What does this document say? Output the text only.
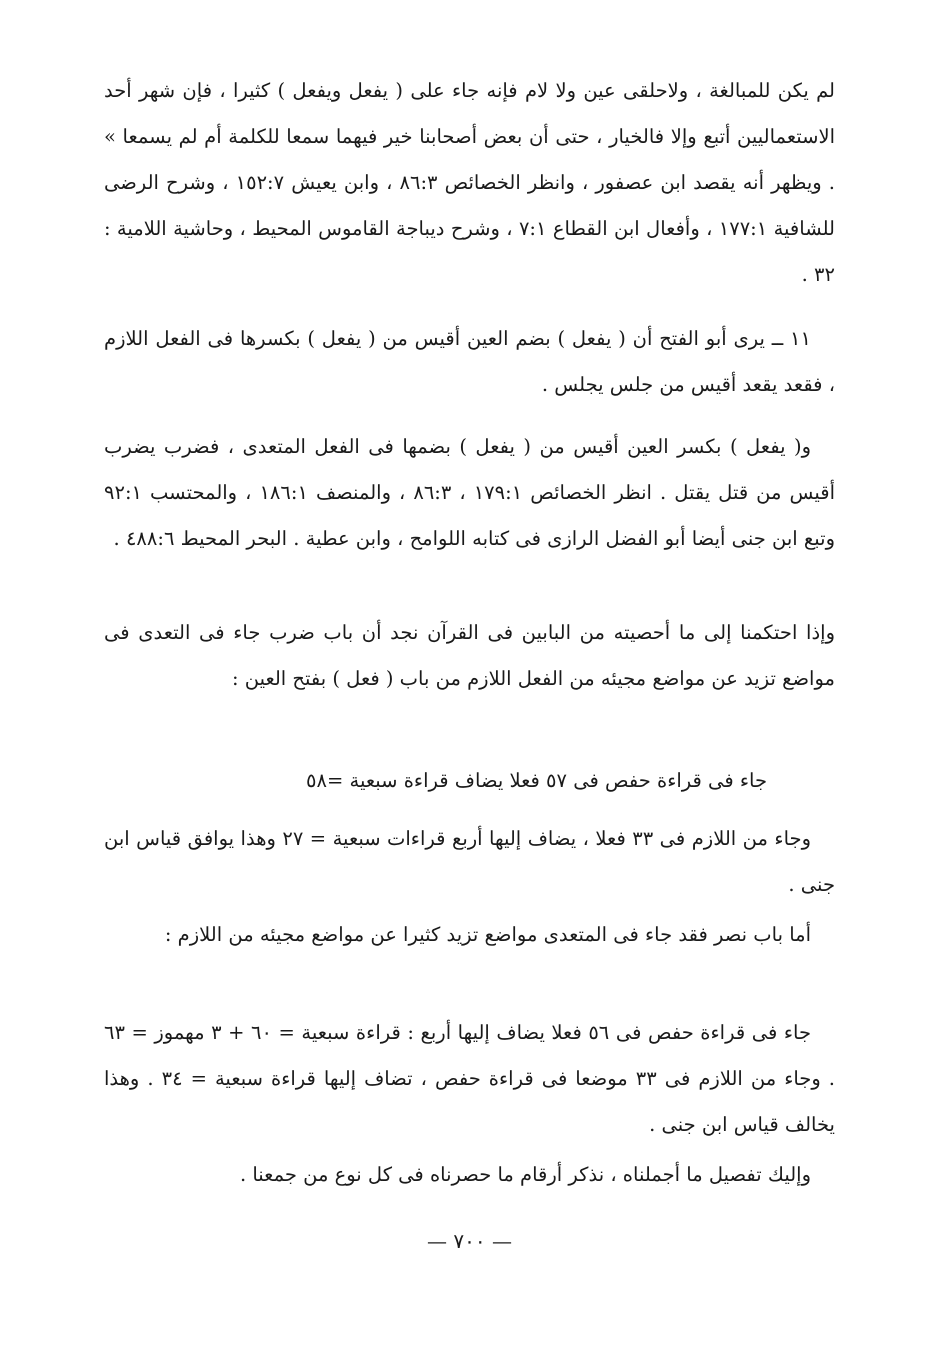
لم يكن للمبالغة ، ولاحلقى عين ولا لام فإنه جاء على ( يفعل ويفعل ) كثيرا ، فإن شهر أحد الاستعماليين أتبع وإلا فالخيار ، حتى أن بعض أصحابنا خير فيهما سمعا للكلمة أم لم يسمعا » . ويظهر أنه يقصد ابن عصفور ، وانظر الخصائص ٨٦:٣ ، وابن يعيش ١٥٢:٧ ، وشرح الرضى للشافية ١٧٧:١ ، وأفعال ابن القطاع ٧:١ ، وشرح ديباجة القاموس المحيط ، وحاشية اللامية : ٣٢ .

١١ ــ يرى أبو الفتح أن ( يفعل ) بضم العين أقيس من ( يفعل ) بكسرها فى الفعل اللازم ، فقعد يقعد أقيس من جلس يجلس .

و( يفعل ) بكسر العين أقيس من ( يفعل ) بضمها فى الفعل المتعدى ، فضرب يضرب أقيس من قتل يقتل . انظر الخصائص ١٧٩:١ ، ٨٦:٣ ، والمنصف ١٨٦:١ ، والمحتسب ٩٢:١ وتبع ابن جنى أيضا أبو الفضل الرازى فى كتابه اللوامح ، وابن عطية . البحر المحيط ٤٨٨:٦ .

وإذا احتكمنا إلى ما أحصيته من البابين فى القرآن نجد أن باب ضرب جاء فى التعدى فى مواضع تزيد عن مواضع مجيئه من الفعل اللازم من باب ( فعل ) بفتح العين :

جاء فى قراءة حفص فى ٥٧ فعلا يضاف قراءة سبعية =٥٨

وجاء من اللازم فى ٣٣ فعلا ، يضاف إليها أربع قراءات سبعية = ٢٧ وهذا يوافق قياس ابن جنى .

أما باب نصر فقد جاء فى المتعدى مواضع تزيد كثيرا عن مواضع مجيئه من اللازم :

جاء فى قراءة حفص فى ٥٦ فعلا يضاف إليها أربع : قراءة سبعية = ٦٠ + ٣ مهموز = ٦٣ . وجاء من اللازم فى ٣٣ موضعا فى قراءة حفص ، تضاف إليها قراءة سبعية = ٣٤ . وهذا يخالف قياس ابن جنى .

وإليك تفصيل ما أجملناه ، نذكر أرقام ما حصرناه فى كل نوع من جمعنا .

— ٧٠٠ —
